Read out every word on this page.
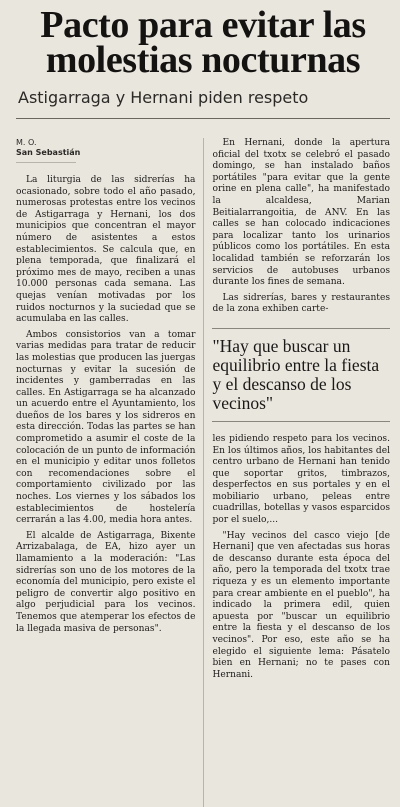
Pacto para evitar las
molestias nocturnas
Astigarraga y Hernani piden respeto

M. O.

San Sebastián

La liturgia de las sidrerías ha ocasionado, sobre todo el año pasado, numerosas protestas entre los vecinos de Astigarraga y Hernani, los dos municipios que concentran el mayor número de asistentes a estos establecimientos. Se calcula que, en plena temporada, que finalizará el próximo mes de mayo, reciben a unas 10.000 personas cada semana. Las quejas venían motivadas por los ruidos nocturnos y la suciedad que se acumulaba en las calles.

Ambos consistorios van a tomar varias medidas para tratar de reducir las molestias que producen las juergas nocturnas y evitar la sucesión de incidentes y gamberradas en las calles. En Astigarraga se ha alcanzado un acuerdo entre el Ayuntamiento, los dueños de los bares y los sidreros en esta dirección. Todas las partes se han comprometido a asumir el coste de la colocación de un punto de información en el municipio y editar unos folletos con recomendaciones sobre el comportamiento civilizado por las noches. Los viernes y los sábados los establecimientos de hostelería cerrarán a las 4.00, media hora antes.

El alcalde de Astigarraga, Bixente Arrizabalaga, de EA, hizo ayer un llamamiento a la moderación: "Las sidrerías son uno de los motores de la economía del municipio, pero existe el peligro de convertir algo positivo en algo perjudicial para los vecinos. Tenemos que atemperar los efectos de la llegada masiva de personas".

En Hernani, donde la apertura oficial del txotx se celebró el pasado domingo, se han instalado baños portátiles "para evitar que la gente orine en plena calle", ha manifestado la alcaldesa, Marian Beitialarrangoitia, de ANV. En las calles se han colocado indicaciones para localizar tanto los urinarios públicos como los portátiles. En esta localidad también se reforzarán los servicios de autobuses urbanos durante los fines de semana.

Las sidrerías, bares y restaurantes de la zona exhiben carte-

"Hay que buscar un equilibrio entre la fiesta y el descanso de los vecinos"

les pidiendo respeto para los vecinos. En los últimos años, los habitantes del centro urbano de Hernani han tenido que soportar gritos, timbrazos, desperfectos en sus portales y en el mobiliario urbano, peleas entre cuadrillas, botellas y vasos esparcidos por el suelo,...

"Hay vecinos del casco viejo [de Hernani] que ven afectadas sus horas de descanso durante esta época del año, pero la temporada del txotx trae riqueza y es un elemento importante para crear ambiente en el pueblo", ha indicado la primera edil, quien apuesta por "buscar un equilibrio entre la fiesta y el descanso de los vecinos". Por eso, este año se ha elegido el siguiente lema: Pásatelo bien en Hernani; no te pases con Hernani.
